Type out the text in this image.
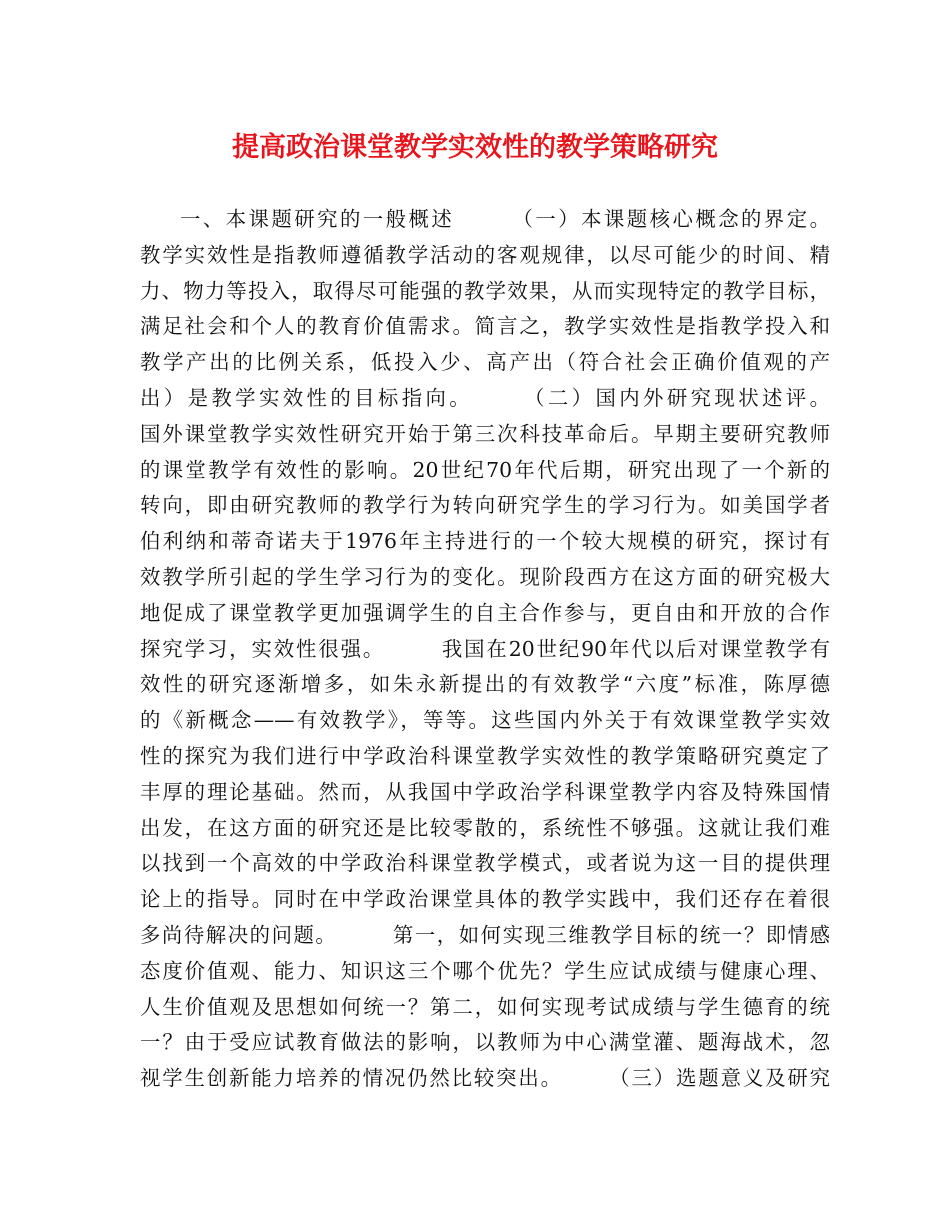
提高政治课堂教学实效性的教学策略研究
一、本课题研究的一般概述　　　（一）本课题核心概念的界定。
教学实效性是指教师遵循教学活动的客观规律，以尽可能少的时间、精
力、物力等投入，取得尽可能强的教学效果，从而实现特定的教学目标，
满足社会和个人的教育价值需求。简言之，教学实效性是指教学投入和
教学产出的比例关系，低投入少、高产出（符合社会正确价值观的产
出）是教学实效性的目标指向。　　　（二）国内外研究现状述评。
国外课堂教学实效性研究开始于第三次科技革命后。早期主要研究教师
的课堂教学有效性的影响。20世纪70年代后期，研究出现了一个新的
转向，即由研究教师的教学行为转向研究学生的学习行为。如美国学者
伯利纳和蒂奇诺夫于1976年主持进行的一个较大规模的研究，探讨有
效教学所引起的学生学习行为的变化。现阶段西方在这方面的研究极大
地促成了课堂教学更加强调学生的自主合作参与，更自由和开放的合作
探究学习，实效性很强。　　　我国在20世纪90年代以后对课堂教学有
效性的研究逐渐增多，如朱永新提出的有效教学“六度”标准，陈厚德
的《新概念——有效教学》，等等。这些国内外关于有效课堂教学实效
性的探究为我们进行中学政治科课堂教学实效性的教学策略研究奠定了
丰厚的理论基础。然而，从我国中学政治学科课堂教学内容及特殊国情
出发，在这方面的研究还是比较零散的，系统性不够强。这就让我们难
以找到一个高效的中学政治科课堂教学模式，或者说为这一目的提供理
论上的指导。同时在中学政治课堂具体的教学实践中，我们还存在着很
多尚待解决的问题。　　　第一，如何实现三维教学目标的统一？即情感
态度价值观、能力、知识这三个哪个优先？学生应试成绩与健康心理、
人生价值观及思想如何统一？第二，如何实现考试成绩与学生德育的统
一？由于受应试教育做法的影响，以教师为中心满堂灌、题海战术，忽
视学生创新能力培养的情况仍然比较突出。　　　（三）选题意义及研究
